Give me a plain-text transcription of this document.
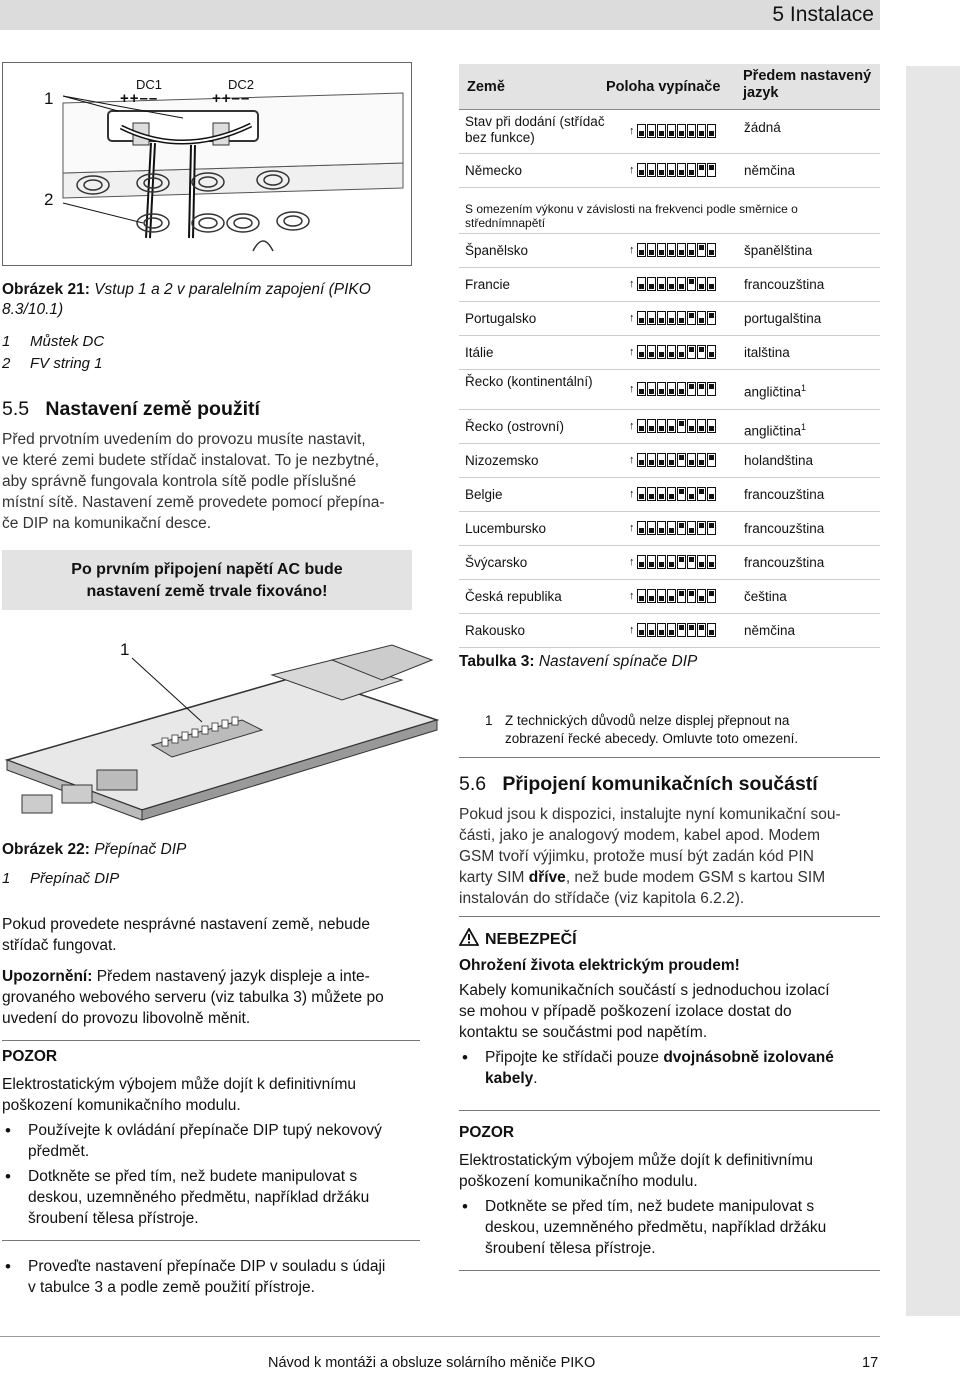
5 Instalace
DC1	DC2
++––	++––
1
2
Obrázek 21: Vstup 1 a 2 v paralelním zapojení (PIKO 8.3/10.1)
1 Můstek DC
2 FV string 1
5.5 Nastavení země použití
Před prvotním uvedením do provozu musíte nastavit,
ve které zemi budete střídač instalovat. To je nezbytné,
aby správně fungovala kontrola sítě podle příslušné
místní sítě. Nastavení země provedete pomocí přepína-
če DIP na komunikační desce.
Po prvním připojení napětí AC bude
nastavení země trvale fixováno!
1
Obrázek 22: Přepínač DIP
1 Přepínač DIP
Pokud provedete nesprávné nastavení země, nebude
střídač fungovat.
Upozornění: Předem nastavený jazyk displeje a inte-
grovaného webového serveru (viz tabulka 3) můžete po
uvedení do provozu libovolně měnit.
POZOR
Elektrostatickým výbojem může dojít k definitivnímu
poškození komunikačního modulu.
• Používejte k ovládání přepínače DIP tupý nekovový
předmět.
• Dotkněte se před tím, než budete manipulovat s
deskou, uzemněného předmětu, například držáku
šroubení tělesa přístroje.
• Proveďte nastavení přepínače DIP v souladu s údaji
v tabulce 3 a podle země použití přístroje.
Země	Poloha vypínače
Předem nastavený jazyk
Stav při dodání (střídač bez funkce)	↑	žádná
Německo	↑	němčina
S omezením výkonu v závislosti na frekvenci podle směrnice o střednímnapětí
Španělsko	↑	španělština
Francie	↑	francouzština
Portugalsko	↑	portugalština
Itálie	↑	italština
Řecko (kontinentální)	↑	angličtina$^1$
Řecko (ostrovní)	↑	angličtina$^1$
Nizozemsko	↑	holandština
Belgie	↑	francouzština
Lucembursko	↑	francouzština
Švýcarsko	↑	francouzština
Česká republika	↑	čeština
Rakousko	↑	němčina
Tabulka 3: Nastavení spínače DIP
1 Z technických důvodů nelze displej přepnout na
zobrazení řecké abecedy. Omluvte toto omezení.
5.6 Připojení komunikačních součástí
Pokud jsou k dispozici, instalujte nyní komunikační sou-
části, jako je analogový modem, kabel apod. Modem
GSM tvoří výjimku, protože musí být zadán kód PIN
karty SIM dříve, než bude modem GSM s kartou SIM
instalován do střídače (viz kapitola 6.2.2).
NEBEZPEČÍ
Ohrožení života elektrickým proudem!
Kabely komunikačních součástí s jednoduchou izolací
se mohou v případě poškození izolace dostat do
kontaktu se součástmi pod napětím.
• Připojte ke střídači pouze dvojnásobně izolované
kabely.
POZOR
Elektrostatickým výbojem může dojít k definitivnímu
poškození komunikačního modulu.
• Dotkněte se před tím, než budete manipulovat s
deskou, uzemněného předmětu, například držáku
šroubení tělesa přístroje.
Návod k montáži a obsluze solárního měniče PIKO	17
